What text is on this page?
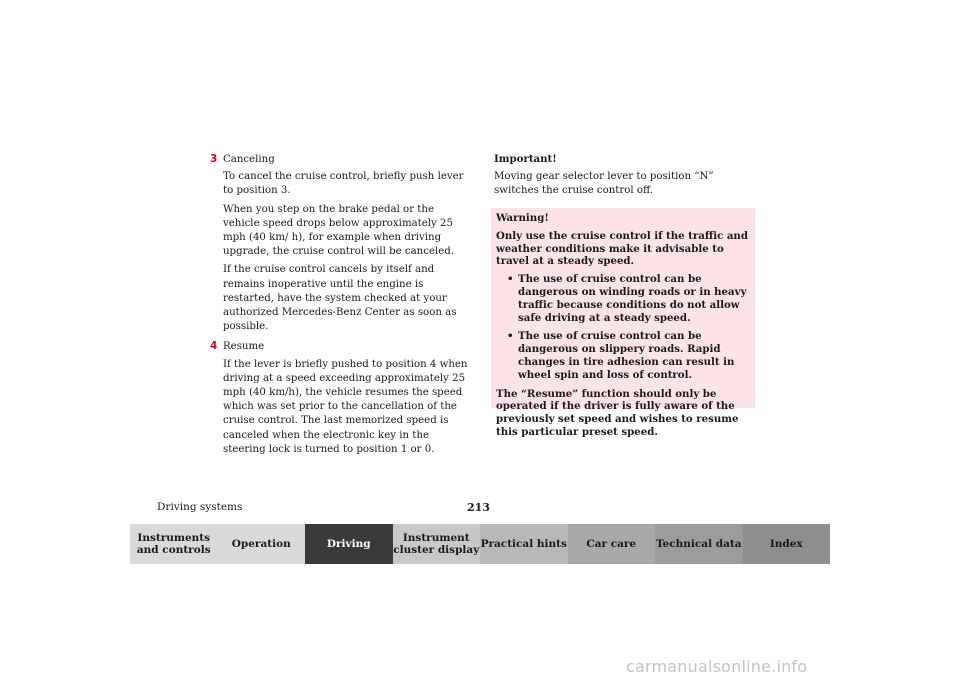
3 Canceling

To cancel the cruise control, briefly push lever to position 3.

When you step on the brake pedal or the vehicle speed drops below approximately 25 mph (40 km/ h), for example when driving upgrade, the cruise control will be canceled.

If the cruise control cancels by itself and remains inoperative until the engine is restarted, have the system checked at your authorized Mercedes-Benz Center as soon as possible.

4 Resume

If the lever is briefly pushed to position 4 when driving at a speed exceeding approximately 25 mph (40 km/h), the vehicle resumes the speed which was set prior to the cancellation of the cruise control. The last memorized speed is canceled when the electronic key in the steering lock is turned to position 1 or 0.

Important!

Moving gear selector lever to position “N” switches the cruise control off.

Warning!

Only use the cruise control if the traffic and weather conditions make it advisable to travel at a steady speed.

• The use of cruise control can be dangerous on winding roads or in heavy traffic because conditions do not allow safe driving at a steady speed.
• The use of cruise control can be dangerous on slippery roads. Rapid changes in tire adhesion can result in wheel spin and loss of control.

The “Resume” function should only be operated if the driver is fully aware of the previously set speed and wishes to resume this particular preset speed.

Driving systems	213
Instruments and controls
Operation	Driving
Instrument cluster display
Practical hints	Car care	Technical data	Index
carmanualsonline.info
